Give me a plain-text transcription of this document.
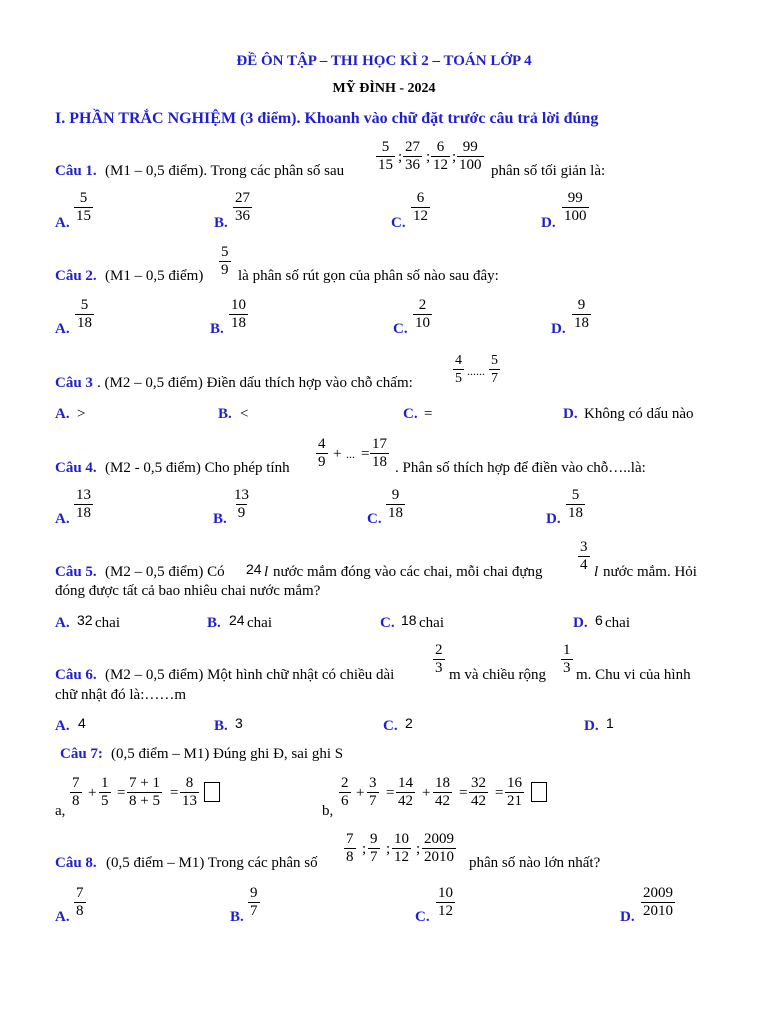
ĐỀ ÔN TẬP – THI HỌC KÌ 2 – TOÁN LỚP 4
MỸ ĐÌNH - 2024
I. PHẦN TRẮC NGHIỆM (3 điểm). Khoanh vào chữ đặt trước câu trả lời đúng
Câu 1. (M1 – 0,5 điểm). Trong các phân số sau $\frac{5}{15}$ ; $\frac{27}{36}$ ; $\frac{6}{12}$ ; $\frac{99}{100}$ phân số tối giản là:
A. $\frac{5}{15}$	B. $\frac{27}{36}$	C. $\frac{6}{12}$	D. $\frac{99}{100}$
Câu 2. (M1 – 0,5 điểm) $\frac{5}{9}$ là phân số rút gọn của phân số nào sau đây:
A. $\frac{5}{18}$	B. $\frac{10}{18}$	C. $\frac{2}{10}$	D. $\frac{9}{18}$
Câu 3 . (M2 – 0,5 điểm) Điền dấu thích hợp vào chỗ chấm:	$\frac{4}{5}$ ...... $\frac{5}{7}$
A. >	B. <	C. =	D. Không có dấu nào
Câu 4. (M2 - 0,5 điểm) Cho phép tính $\frac{4}{9}$ + ... = $\frac{17}{18}$ . Phân số thích hợp để điền vào chỗ…..là:
A. $\frac{13}{18}$	B. $\frac{13}{9}$	C. $\frac{9}{18}$	D. $\frac{5}{18}$
Câu 5. (M2 – 0,5 điểm) Có 24 l nước mắm đóng vào các chai, mỗi chai đựng $\frac{3}{4}$ l nước mắm. Hỏi
đóng được tất cả bao nhiêu chai nước mắm?
A. 32 chai	B. 24 chai	C. 18 chai	D. 6 chai
Câu 6. (M2 – 0,5 điểm) Một hình chữ nhật có chiều dài	$\frac{2}{3}$ m và chiều rộng $\frac{1}{3} m$. Chu vi của hình
chữ nhật đó là:……m
A. 4	B. 3	C. 2	D. 1
Câu 7: (0,5 điểm – M1) Đúng ghi Đ, sai ghi S
a,
$\frac{7}{8} + \frac{1}{5} = \frac{7 + 1}{8 + 5} = \frac{8}{13}$
b,
$\frac{2}{6} + \frac{3}{7} = \frac{14}{42} + \frac{18}{42} = \frac{32}{42} = \frac{16}{21}$
Câu 8. (0,5 điểm – M1) Trong các phân số $\frac{7}{8}$ ; $\frac{9}{7}$ ; $\frac{10}{12}$ ; $\frac{2009}{2010}$ phân số nào lớn nhất?
A. $\frac{7}{8}$	B. $\frac{9}{7}$	C. $\frac{10}{12}$	D. $\frac{2009}{2010}$
